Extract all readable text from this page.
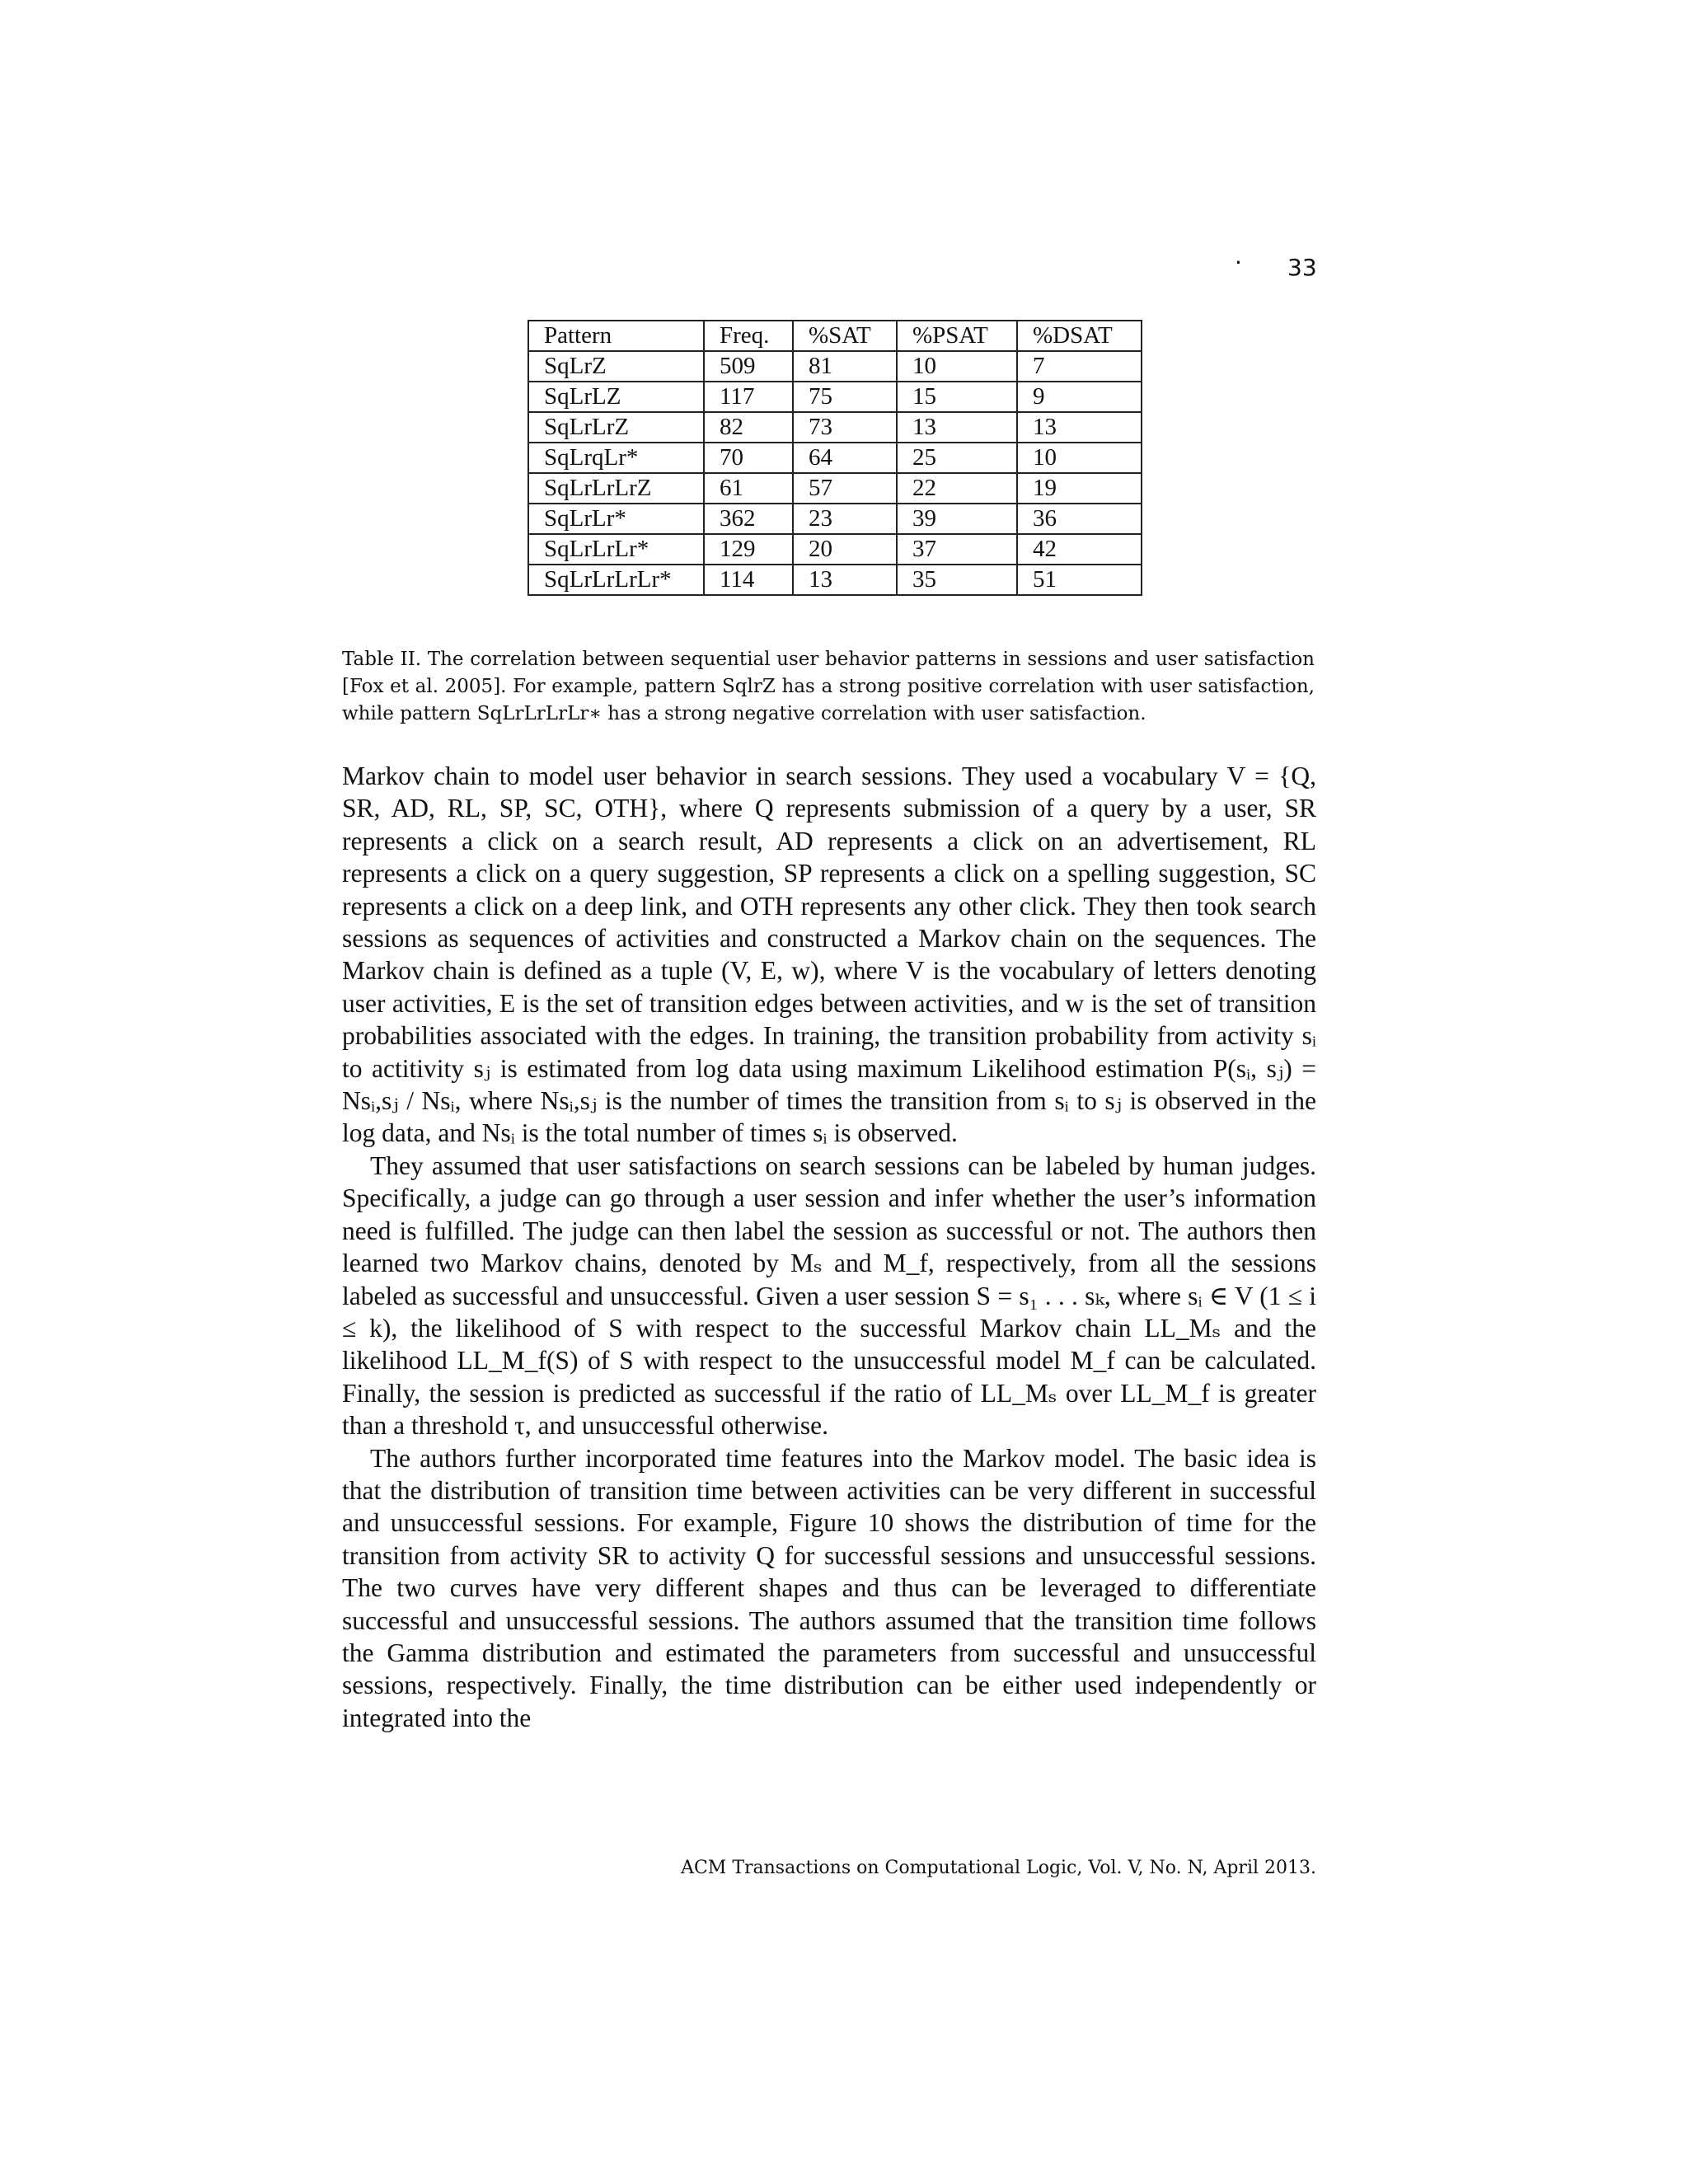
· 33
Pattern	Freq.	%SAT	%PSAT	%DSAT
SqLrZ	509	81	10	7
SqLrLZ	117	75	15	9
SqLrLrZ	82	73	13	13
SqLrqLr*	70	64	25	10
SqLrLrLrZ	61	57	22	19
SqLrLr*	362	23	39	36
SqLrLrLr*	129	20	37	42
SqLrLrLrLr*	114	13	35	51
Table II. The correlation between sequential user behavior patterns in sessions and user satisfaction [Fox et al. 2005]. For example, pattern SqlrZ has a strong positive correlation with user satisfaction, while pattern SqLrLrLrLr∗ has a strong negative correlation with user satisfaction.

Markov chain to model user behavior in search sessions. They used a vocabulary V = {Q, SR, AD, RL, SP, SC, OTH}, where Q represents submission of a query by a user, SR represents a click on a search result, AD represents a click on an advertisement, RL represents a click on a query suggestion, SP represents a click on a spelling suggestion, SC represents a click on a deep link, and OTH represents any other click. They then took search sessions as sequences of activities and constructed a Markov chain on the sequences. The Markov chain is defined as a tuple (V, E, w), where V is the vocabulary of letters denoting user activities, E is the set of transition edges between activities, and w is the set of transition probabilities associated with the edges. In training, the transition probability from activity sᵢ to actitivity sⱼ is estimated from log data using maximum Likelihood estimation P(sᵢ, sⱼ) = Nsᵢ,sⱼ / Nsᵢ, where Nsᵢ,sⱼ is the number of times the transition from sᵢ to sⱼ is observed in the log data, and Nsᵢ is the total number of times sᵢ is observed.

They assumed that user satisfactions on search sessions can be labeled by human judges. Specifically, a judge can go through a user session and infer whether the user’s information need is fulfilled. The judge can then label the session as successful or not. The authors then learned two Markov chains, denoted by Mₛ and M_f, respectively, from all the sessions labeled as successful and unsuccessful. Given a user session S = s₁ . . . sₖ, where sᵢ ∈ V (1 ≤ i ≤ k), the likelihood of S with respect to the successful Markov chain LL_Mₛ and the likelihood LL_M_f(S) of S with respect to the unsuccessful model M_f can be calculated. Finally, the session is predicted as successful if the ratio of LL_Mₛ over LL_M_f is greater than a threshold τ, and unsuccessful otherwise.

The authors further incorporated time features into the Markov model. The basic idea is that the distribution of transition time between activities can be very different in successful and unsuccessful sessions. For example, Figure 10 shows the distribution of time for the transition from activity SR to activity Q for successful sessions and unsuccessful sessions. The two curves have very different shapes and thus can be leveraged to differentiate successful and unsuccessful sessions. The authors assumed that the transition time follows the Gamma distribution and estimated the parameters from successful and unsuccessful sessions, respectively. Finally, the time distribution can be either used independently or integrated into the

ACM Transactions on Computational Logic, Vol. V, No. N, April 2013.
